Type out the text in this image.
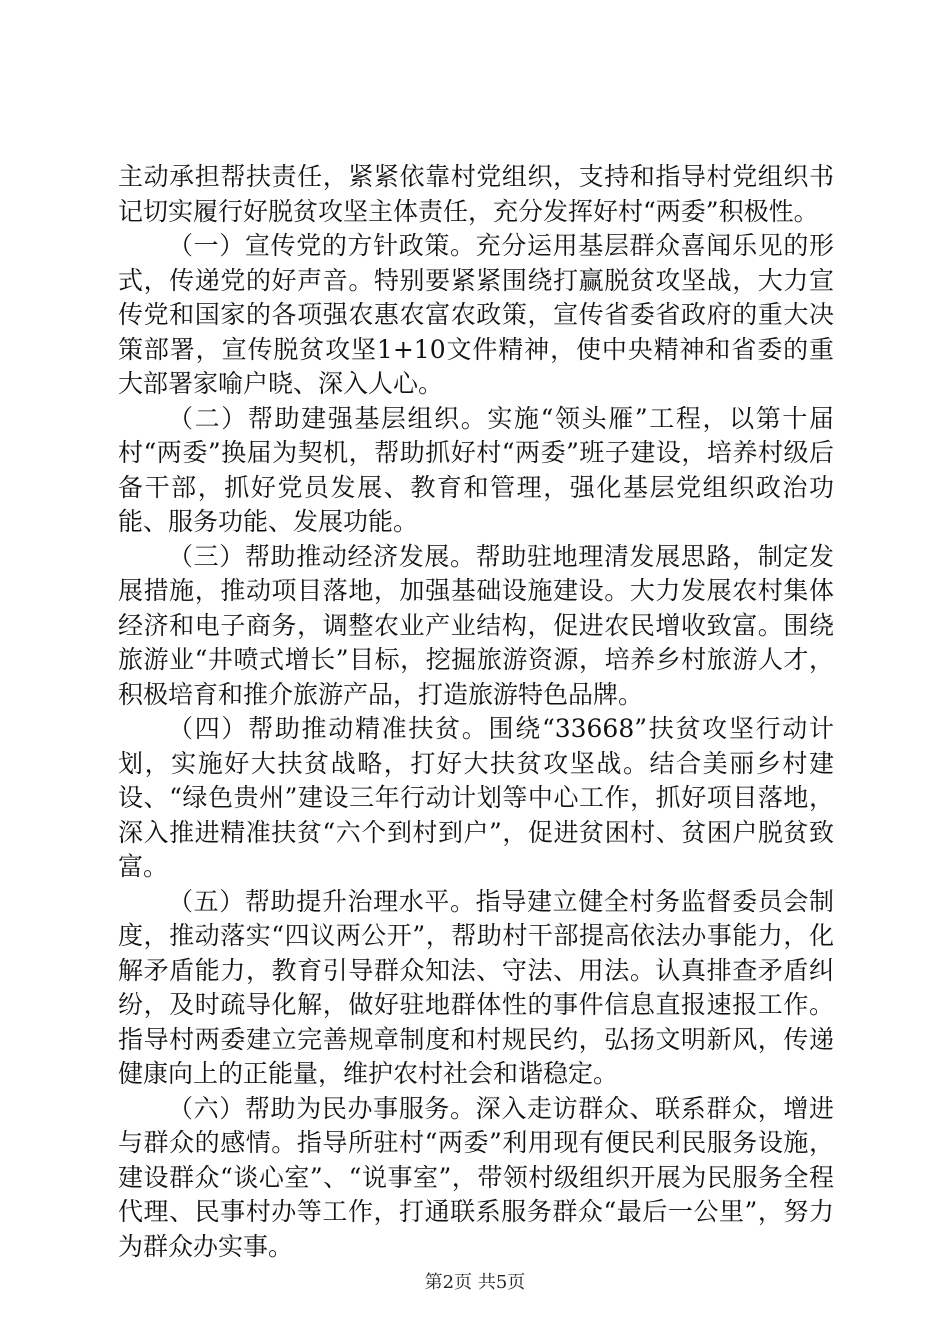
主动承担帮扶责任，紧紧依靠村党组织，支持和指导村党组织书记切实履行好脱贫攻坚主体责任，充分发挥好村“两委”积极性。

（一）宣传党的方针政策。充分运用基层群众喜闻乐见的形式，传递党的好声音。特别要紧紧围绕打赢脱贫攻坚战，大力宣传党和国家的各项强农惠农富农政策，宣传省委省政府的重大决策部署，宣传脱贫攻坚1+10文件精神，使中央精神和省委的重大部署家喻户晓、深入人心。

（二）帮助建强基层组织。实施“领头雁”工程，以第十届村“两委”换届为契机，帮助抓好村“两委”班子建设，培养村级后备干部，抓好党员发展、教育和管理，强化基层党组织政治功能、服务功能、发展功能。

（三）帮助推动经济发展。帮助驻地理清发展思路，制定发展措施，推动项目落地，加强基础设施建设。大力发展农村集体经济和电子商务，调整农业产业结构，促进农民增收致富。围绕旅游业“井喷式增长”目标，挖掘旅游资源，培养乡村旅游人才，积极培育和推介旅游产品，打造旅游特色品牌。

（四）帮助推动精准扶贫。围绕“33668”扶贫攻坚行动计划，实施好大扶贫战略，打好大扶贫攻坚战。结合美丽乡村建设、“绿色贵州”建设三年行动计划等中心工作，抓好项目落地，深入推进精准扶贫“六个到村到户”，促进贫困村、贫困户脱贫致富。

（五）帮助提升治理水平。指导建立健全村务监督委员会制度，推动落实“四议两公开”，帮助村干部提高依法办事能力，化解矛盾能力，教育引导群众知法、守法、用法。认真排查矛盾纠纷，及时疏导化解，做好驻地群体性的事件信息直报速报工作。指导村两委建立完善规章制度和村规民约，弘扬文明新风，传递健康向上的正能量，维护农村社会和谐稳定。

（六）帮助为民办事服务。深入走访群众、联系群众，增进与群众的感情。指导所驻村“两委”利用现有便民利民服务设施，建设群众“谈心室”、“说事室”，带领村级组织开展为民服务全程代理、民事村办等工作，打通联系服务群众“最后一公里”，努力为群众办实事。

第2页 共5页
